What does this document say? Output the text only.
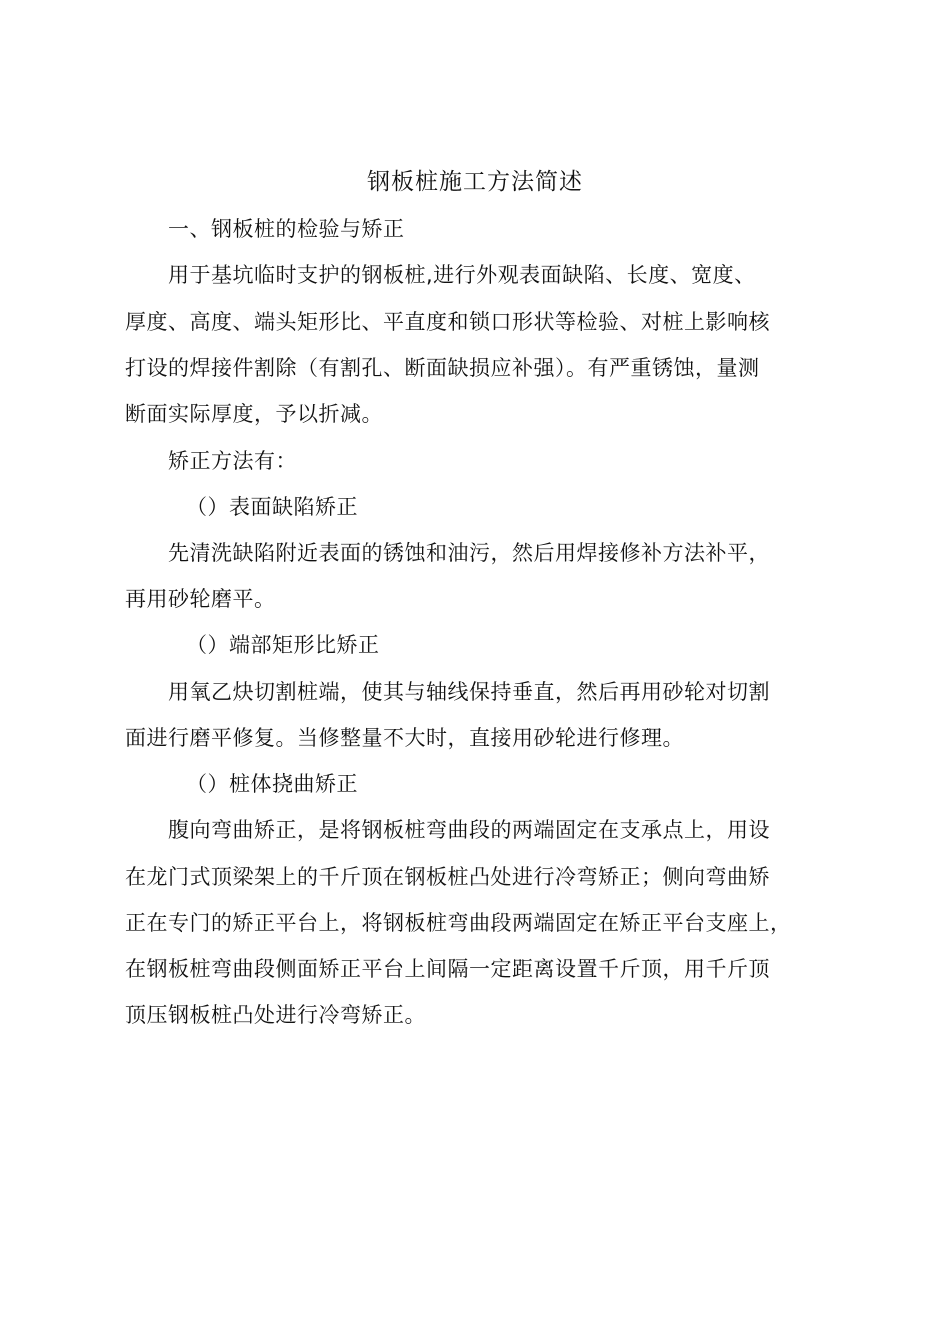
钢板桩施工方法简述
一、钢板桩的检验与矫正
用于基坑临时支护的钢板桩,进行外观表面缺陷、长度、宽度、
厚度、高度、端头矩形比、平直度和锁口形状等检验、对桩上影响核
打设的焊接件割除（有割孔、断面缺损应补强）。有严重锈蚀，量测
断面实际厚度，予以折减。
矫正方法有：
（）表面缺陷矫正
先清洗缺陷附近表面的锈蚀和油污，然后用焊接修补方法补平，
再用砂轮磨平。
（）端部矩形比矫正
用氧乙炔切割桩端，使其与轴线保持垂直，然后再用砂轮对切割
面进行磨平修复。当修整量不大时，直接用砂轮进行修理。
（）桩体挠曲矫正
腹向弯曲矫正，是将钢板桩弯曲段的两端固定在支承点上，用设
在龙门式顶梁架上的千斤顶在钢板桩凸处进行冷弯矫正；侧向弯曲矫
正在专门的矫正平台上，将钢板桩弯曲段两端固定在矫正平台支座上，
在钢板桩弯曲段侧面矫正平台上间隔一定距离设置千斤顶，用千斤顶
顶压钢板桩凸处进行冷弯矫正。
